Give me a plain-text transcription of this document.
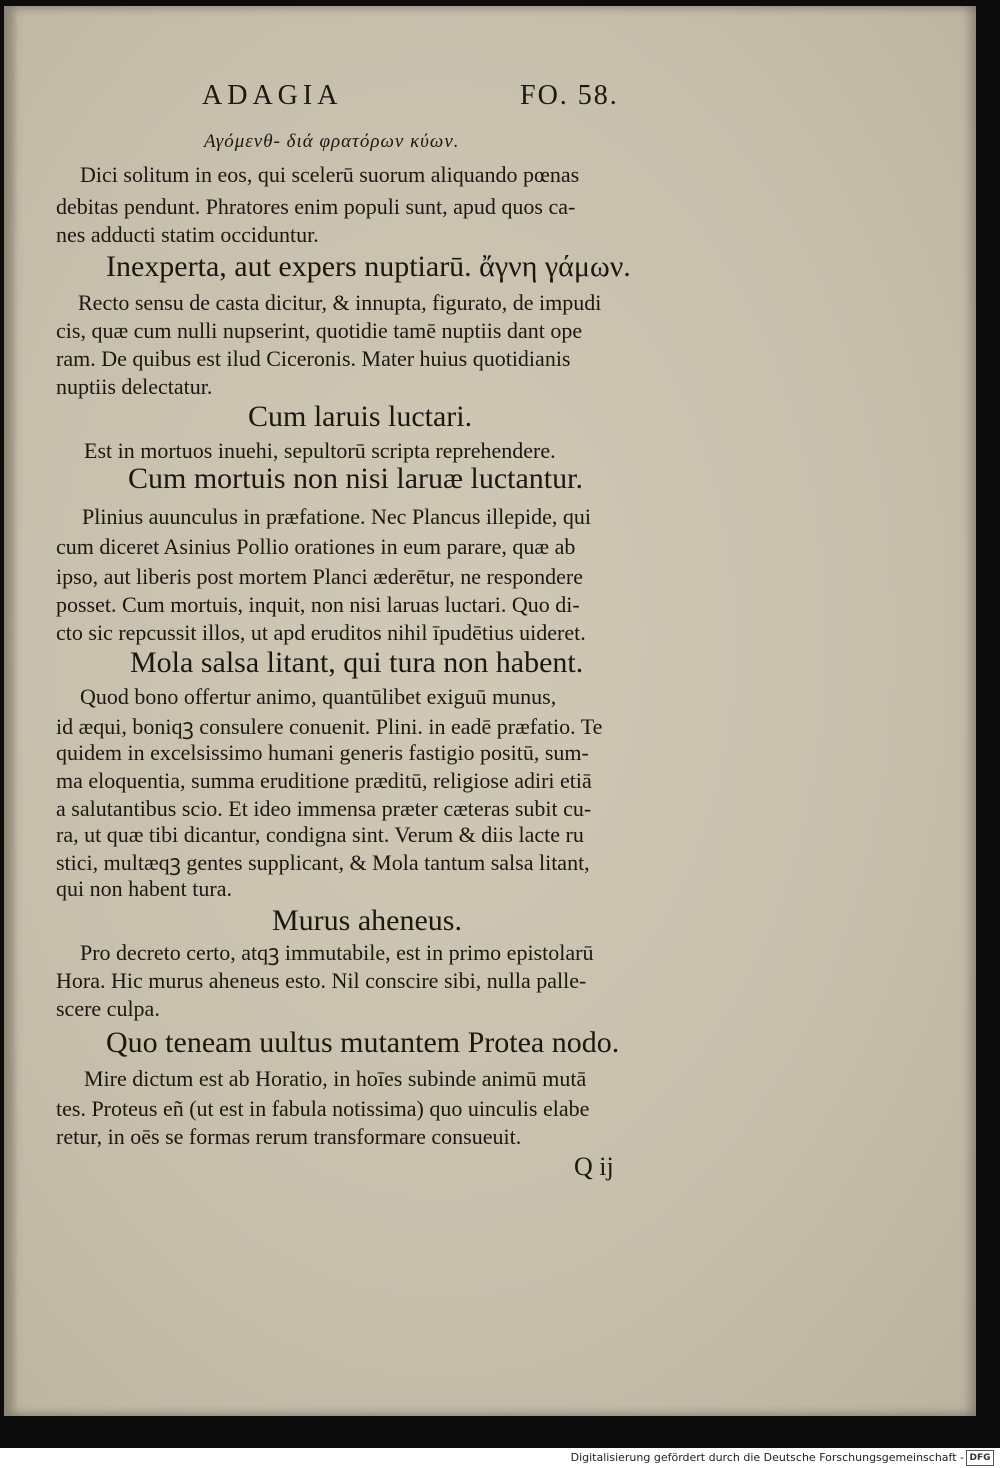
ADAGIA	FO. 58.
Αγόμενθ- διά φρατόρων κύων.
Dici solitum in eos, qui scelerū suorum aliquando pœnas
debitas pendunt. Phratores enim populi sunt, apud quos ca-
nes adducti statim occiduntur.
Inexperta, aut expers nuptiarū. ἄγνη γάμων.
Recto sensu de casta dicitur, & innupta, figurato, de impudi
cis, quæ cum nulli nupserint, quotidie tamē nuptiis dant ope
ram. De quibus est ilud Ciceronis. Mater huius quotidianis
nuptiis delectatur.
Cum laruis luctari.
Est in mortuos inuehi, sepultorū scripta reprehendere.
Cum mortuis non nisi laruæ luctantur.
Plinius auunculus in præfatione. Nec Plancus illepide, qui
cum diceret Asinius Pollio orationes in eum parare, quæ ab
ipso, aut liberis post mortem Planci æderētur, ne respondere
posset. Cum mortuis, inquit, non nisi laruas luctari. Quo di-
cto sic repcussit illos, ut apd eruditos nihil īpudētius uideret.
Mola salsa litant, qui tura non habent.
Quod bono offertur animo, quantūlibet exiguū munus,
id æqui, boniqꝫ consulere conuenit. Plini. in eadē præfatio. Te
quidem in excelsissimo humani generis fastigio positū, sum-
ma eloquentia, summa eruditione præditū, religiose adiri etiā
a salutantibus scio. Et ideo immensa præter cæteras subit cu-
ra, ut quæ tibi dicantur, condigna sint. Verum & diis lacte ru
stici, multæqꝫ gentes supplicant, & Mola tantum salsa litant,
qui non habent tura.
Murus aheneus.
Pro decreto certo, atqꝫ immutabile, est in primo epistolarū
Hora. Hic murus aheneus esto. Nil conscire sibi, nulla palle-
scere culpa.
Quo teneam uultus mutantem Protea nodo.
Mire dictum est ab Horatio, in hoīes subinde animū mutā
tes. Proteus eñ (ut est in fabula notissima) quo uinculis elabe
retur, in oēs se formas rerum transformare consueuit.
Q ij
Digitalisierung gefördert durch die Deutsche Forschungsgemeinschaft - DFG
